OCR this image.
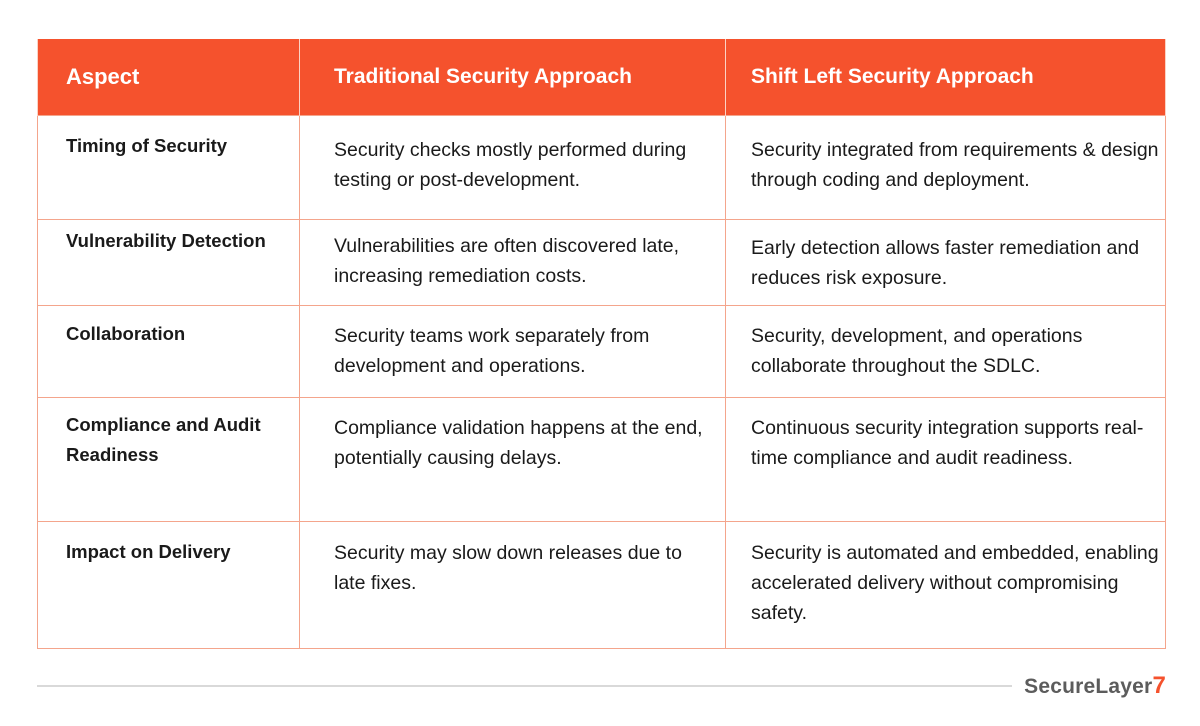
Aspect	Traditional Security Approach	Shift Left Security Approach
Timing of Security	Security checks mostly performed during testing or post-development.	Security integrated from requirements & design through coding and deployment.
Vulnerability Detection	Vulnerabilities are often discovered late, increasing remediation costs.	Early detection allows faster remediation and reduces risk exposure.
Collaboration	Security teams work separately from development and operations.	Security, development, and operations collaborate throughout the SDLC.
Compliance and Audit Readiness	Compliance validation happens at the end, potentially causing delays.	Continuous security integration supports real-time compliance and audit readiness.
Impact on Delivery	Security may slow down releases due to late fixes.	Security is automated and embedded, enabling accelerated delivery without compromising safety.
SecureLayer7
